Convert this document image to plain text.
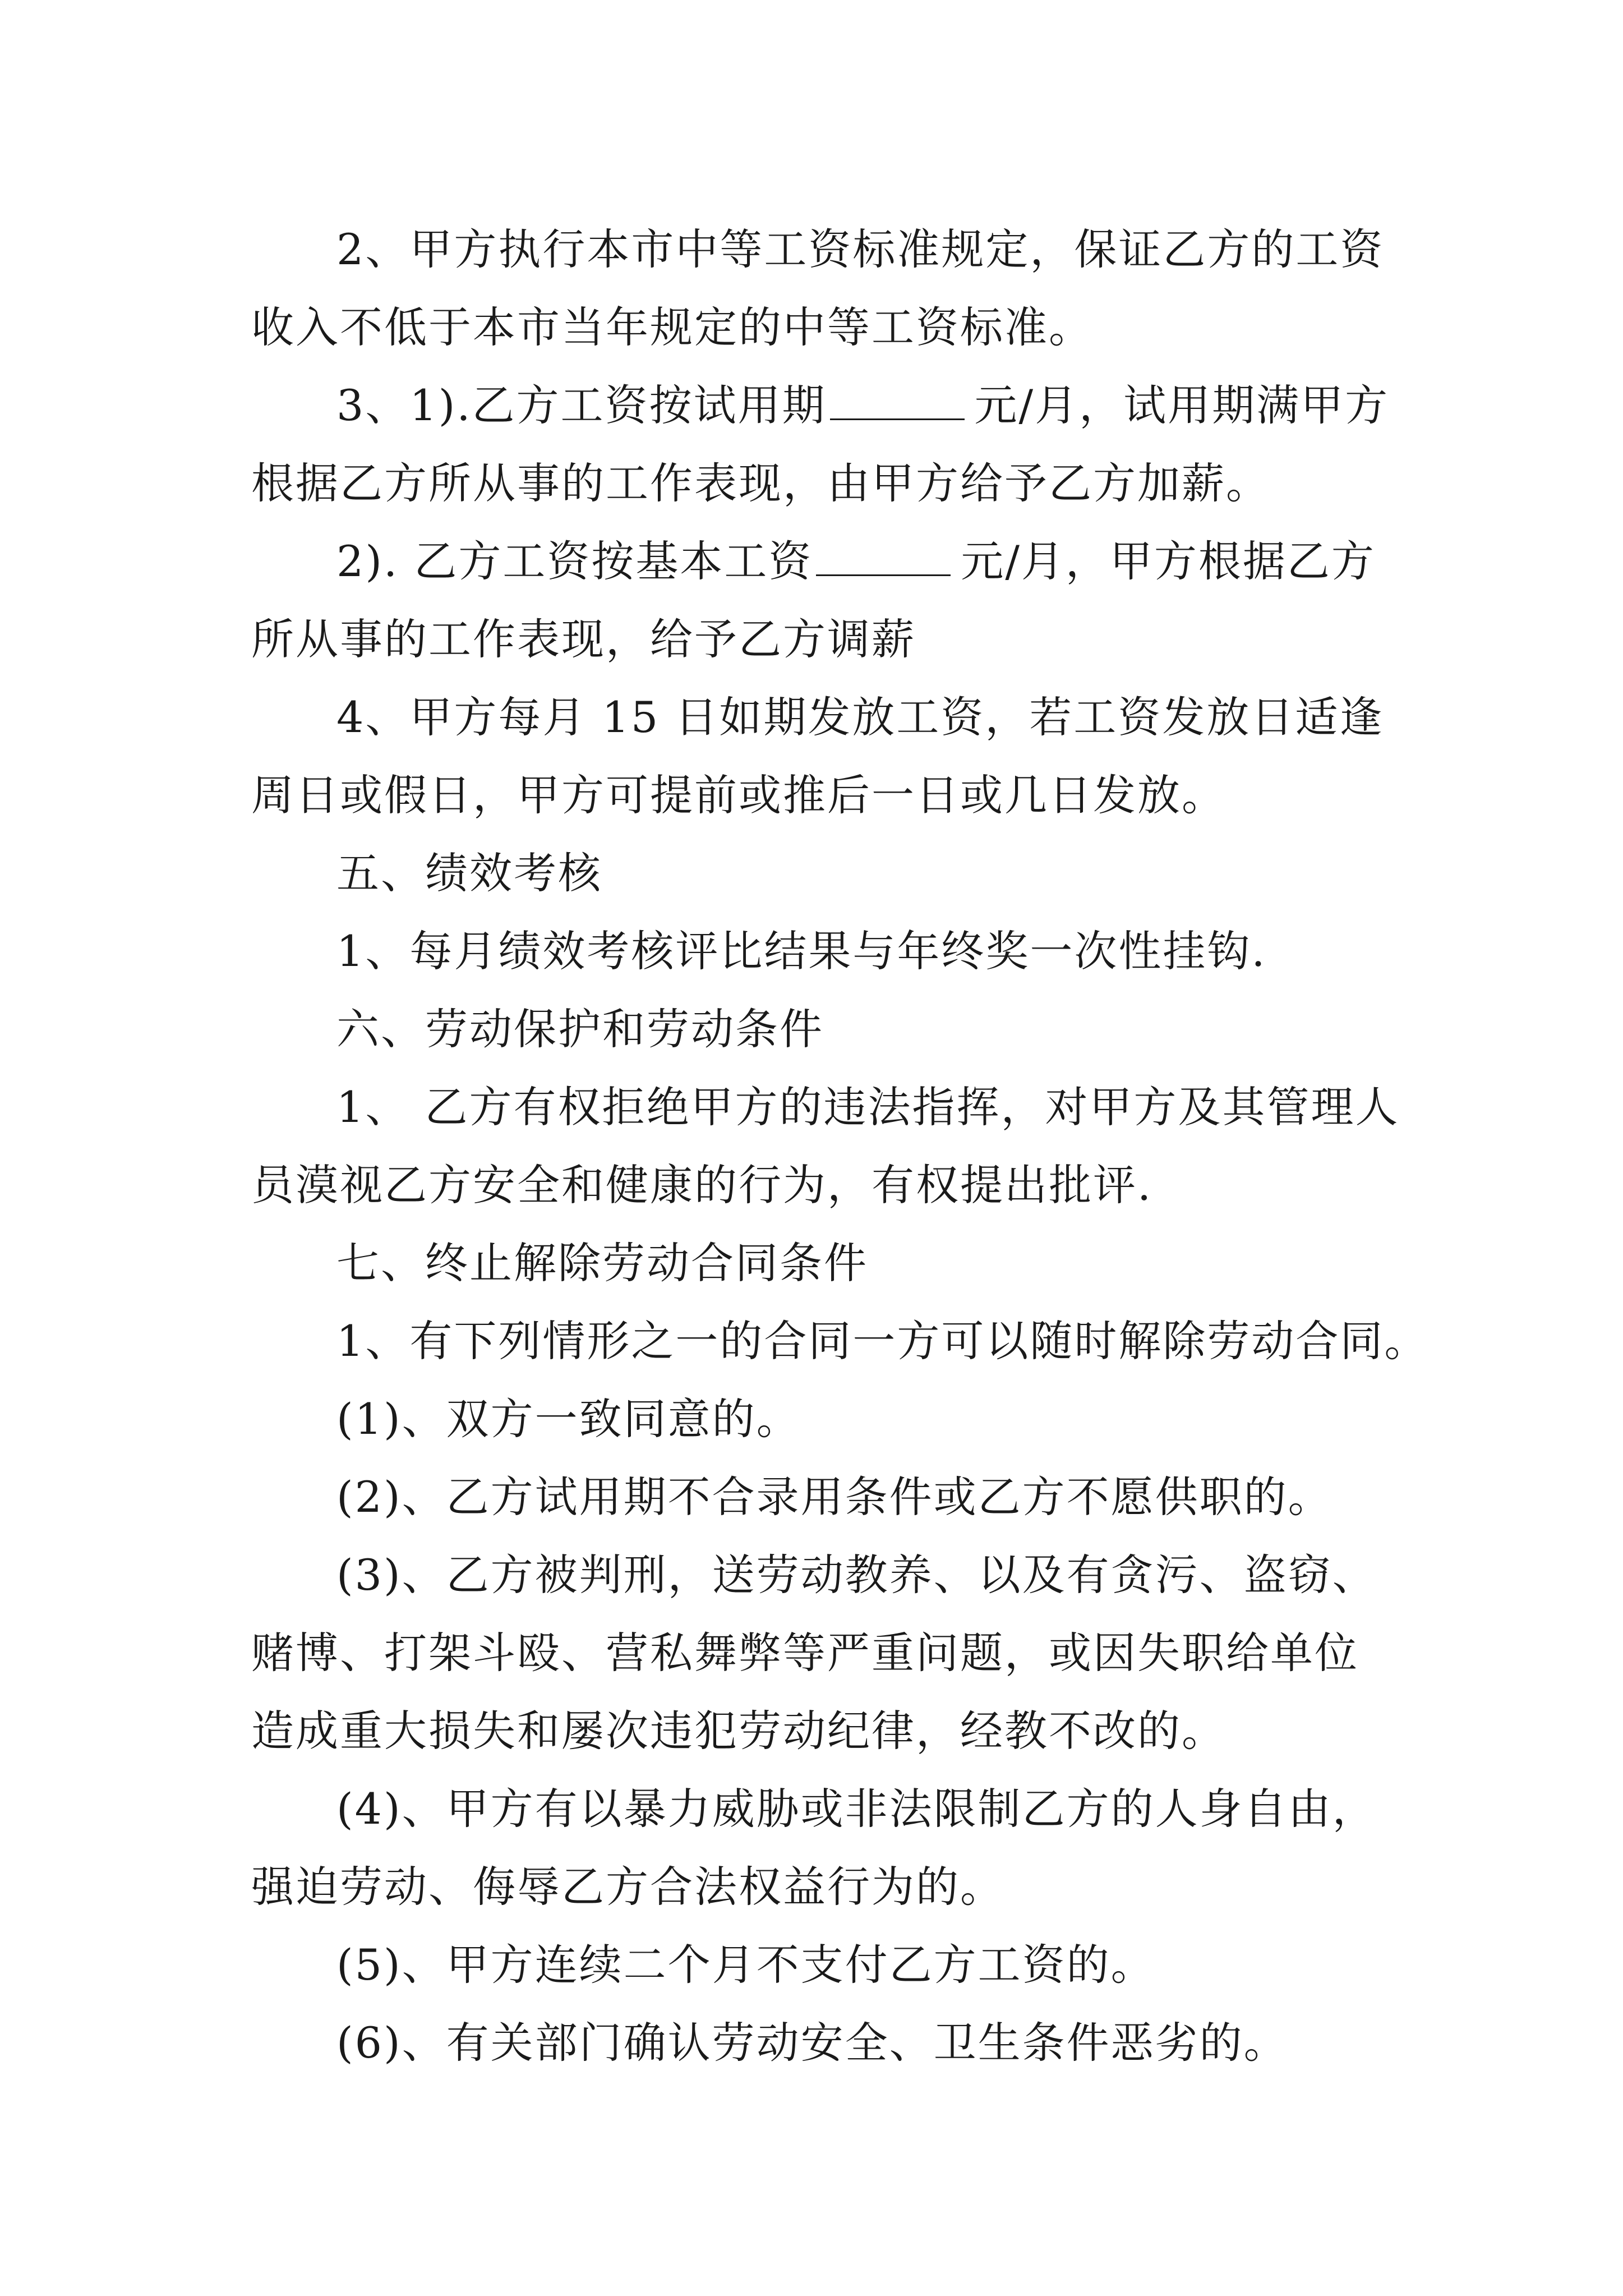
2、甲方执行本市中等工资标准规定，保证乙方的工资收入不低于本市当年规定的中等工资标准。

3、1).乙方工资按试用期	元/月，试用期满甲方根据乙方所从事的工作表现，由甲方给予乙方加薪。

2). 乙方工资按基本工资	元/月，甲方根据乙方所从事的工作表现，给予乙方调薪

4、甲方每月 15 日如期发放工资，若工资发放日适逢周日或假日，甲方可提前或推后一日或几日发放。

五、绩效考核

1、每月绩效考核评比结果与年终奖一次性挂钩.

六、劳动保护和劳动条件

1、 乙方有权拒绝甲方的违法指挥，对甲方及其管理人员漠视乙方安全和健康的行为，有权提出批评.

七、终止解除劳动合同条件

1、有下列情形之一的合同一方可以随时解除劳动合同。

(1)、双方一致同意的。

(2)、乙方试用期不合录用条件或乙方不愿供职的。

(3)、乙方被判刑，送劳动教养、以及有贪污、盗窃、赌博、打架斗殴、营私舞弊等严重问题，或因失职给单位造成重大损失和屡次违犯劳动纪律，经教不改的。

(4)、甲方有以暴力威胁或非法限制乙方的人身自由，强迫劳动、侮辱乙方合法权益行为的。

(5)、甲方连续二个月不支付乙方工资的。

(6)、有关部门确认劳动安全、卫生条件恶劣的。
